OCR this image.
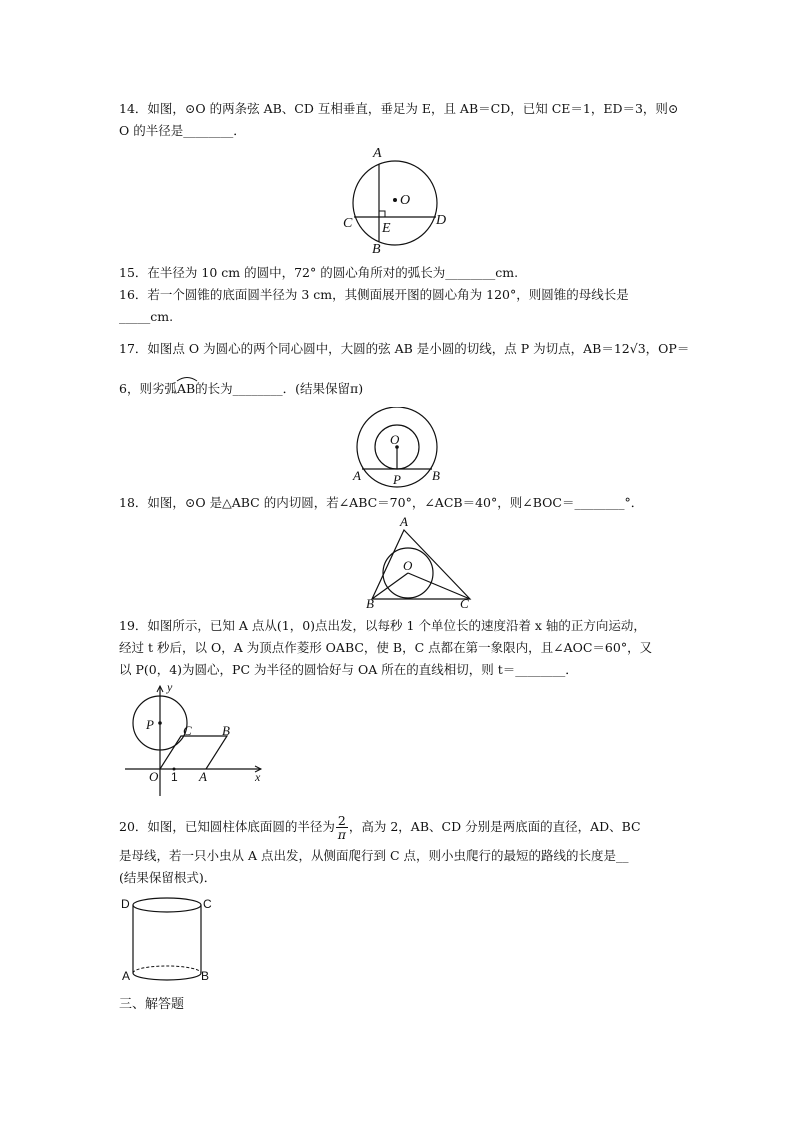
14．如图，⊙O 的两条弦 AB、CD 互相垂直，垂足为 E，且 AB＝CD，已知 CE＝1，ED＝3，则⊙
O 的半径是________．
A
O
C	D
E
B
15．在半径为 10 cm 的圆中，72° 的圆心角所对的弧长为________cm.
16．若一个圆锥的底面圆半径为 3 cm，其侧面展开图的圆心角为 120°，则圆锥的母线长是
_____cm.
17．如图点 O 为圆心的两个同心圆中，大圆的弦 AB 是小圆的切线，点 P 为切点，AB＝12√3，OP＝
6，则劣弧
AB的长为________．(结果保留π)
O
A P B
18．如图，⊙O 是△ABC 的内切圆，若∠ABC＝70°，∠ACB＝40°，则∠BOC＝________°．
A
O
B	C
19．如图所示，已知 A 点从(1，0)点出发，以每秒 1 个单位长的速度沿着 x 轴的正方向运动，
经过 t 秒后，以 O，A 为顶点作菱形 OABC，使 B，C 点都在第一象限内，且∠AOC＝60°，又
以 P(0，4)为圆心，PC 为半径的圆恰好与 OA 所在的直线相切，则 t＝________．
y
x
P C B
O 1 A
20．如图，已知圆柱体底面圆的半径为 $\frac{2}{\pi}$ ，高为 2，AB、CD 分别是两底面的直径，AD、BC
是母线，若一只小虫从 A 点出发，从侧面爬行到 C 点，则小虫爬行的最短的路线的长度是__
(结果保留根式)．
D	C
A	B
三、解答题
